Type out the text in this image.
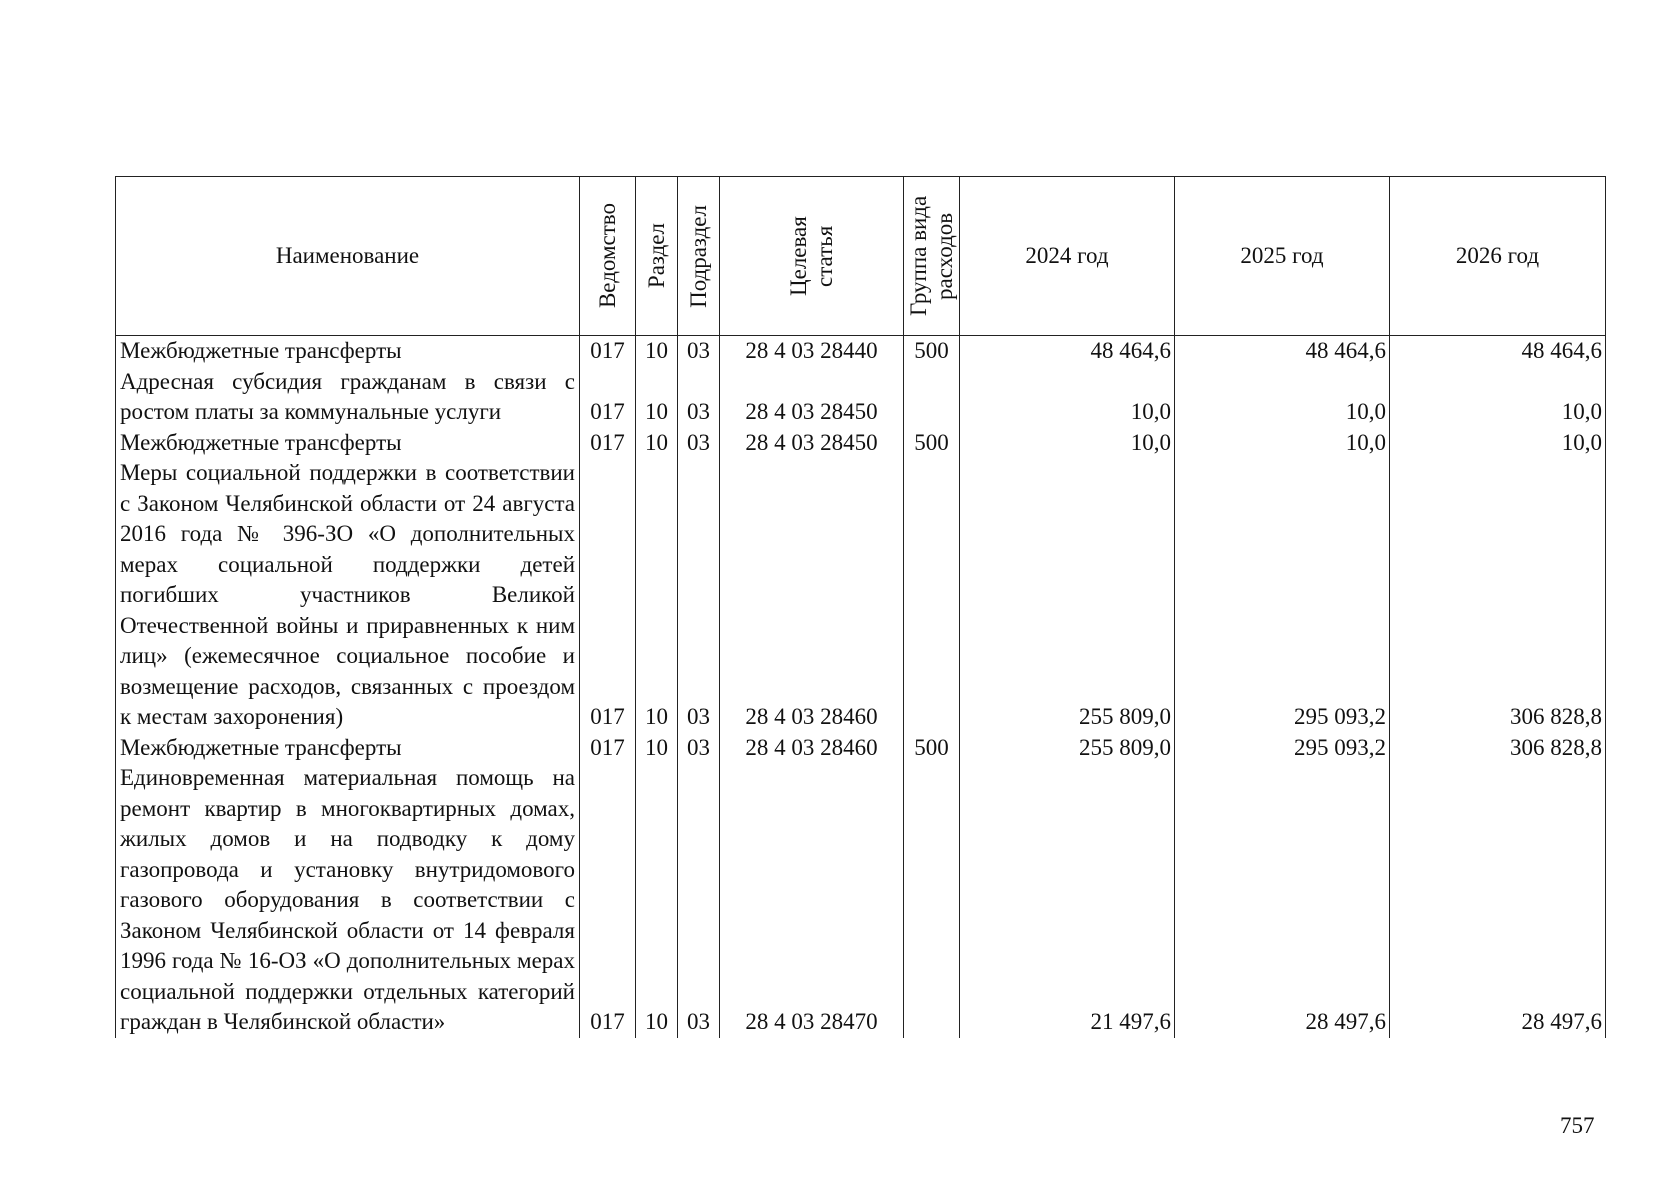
Наименование	Ведомство	Раздел	Подраздел	Целевая статья	Группа вида расходов	2024 год	2025 год	2026 год
Межбюджетные трансферты	017	10	03	28 4 03 28440	500	48 464,6	48 464,6	48 464,6
Адресная субсидия гражданам в связи с ростом платы за коммунальные услуги	017	10	03	28 4 03 28450		10,0	10,0	10,0
Межбюджетные трансферты	017	10	03	28 4 03 28450	500	10,0	10,0	10,0
Меры социальной поддержки в соответствии с Законом Челябинской области от 24 августа 2016 года № 396-ЗО «О дополнительных мерах социальной поддержки детей погибших участников Великой Отечественной войны и приравненных к ним лиц» (ежемесячное социальное пособие и возмещение расходов, связанных с проездом к местам захоронения)	017	10	03	28 4 03 28460		255 809,0	295 093,2	306 828,8
Межбюджетные трансферты	017	10	03	28 4 03 28460	500	255 809,0	295 093,2	306 828,8
Единовременная материальная помощь на ремонт квартир в многоквартирных домах, жилых домов и на подводку к дому газопровода и установку внутридомового газового оборудования в соответствии с Законом Челябинской области от 14 февраля 1996 года № 16-ОЗ «О дополнительных мерах социальной поддержки отдельных категорий граждан в Челябинской области»	017	10	03	28 4 03 28470		21 497,6	28 497,6	28 497,6
757
